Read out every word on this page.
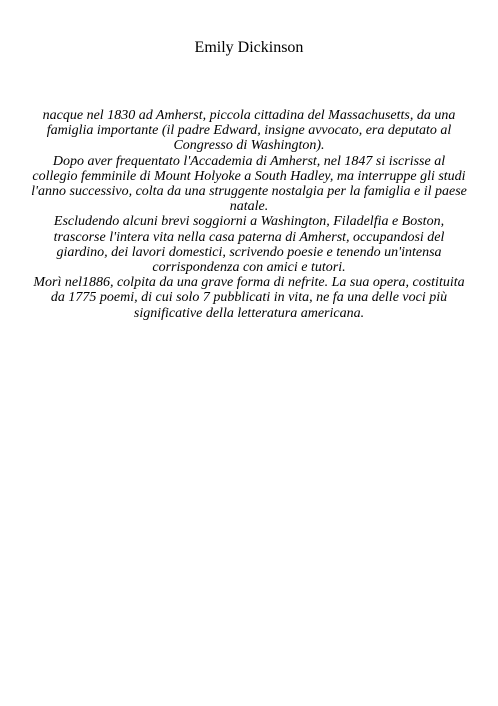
Emily Dickinson

nacque nel 1830 ad Amherst, piccola cittadina del Massachusetts, da una famiglia importante (il padre Edward, insigne avvocato, era deputato al Congresso di Washington).

Dopo aver frequentato l'Accademia di Amherst, nel 1847 si iscrisse al collegio femminile di Mount Holyoke a South Hadley, ma interruppe gli studi l'anno successivo, colta da una struggente nostalgia per la famiglia e il paese natale.

Escludendo alcuni brevi soggiorni a Washington, Filadelfia e Boston, trascorse l'intera vita nella casa paterna di Amherst, occupandosi del giardino, dei lavori domestici, scrivendo poesie e tenendo un'intensa corrispondenza con amici e tutori.

Morì nel1886, colpita da una grave forma di nefrite. La sua opera, costituita da 1775 poemi, di cui solo 7 pubblicati in vita, ne fa una delle voci più significative della letteratura americana.
